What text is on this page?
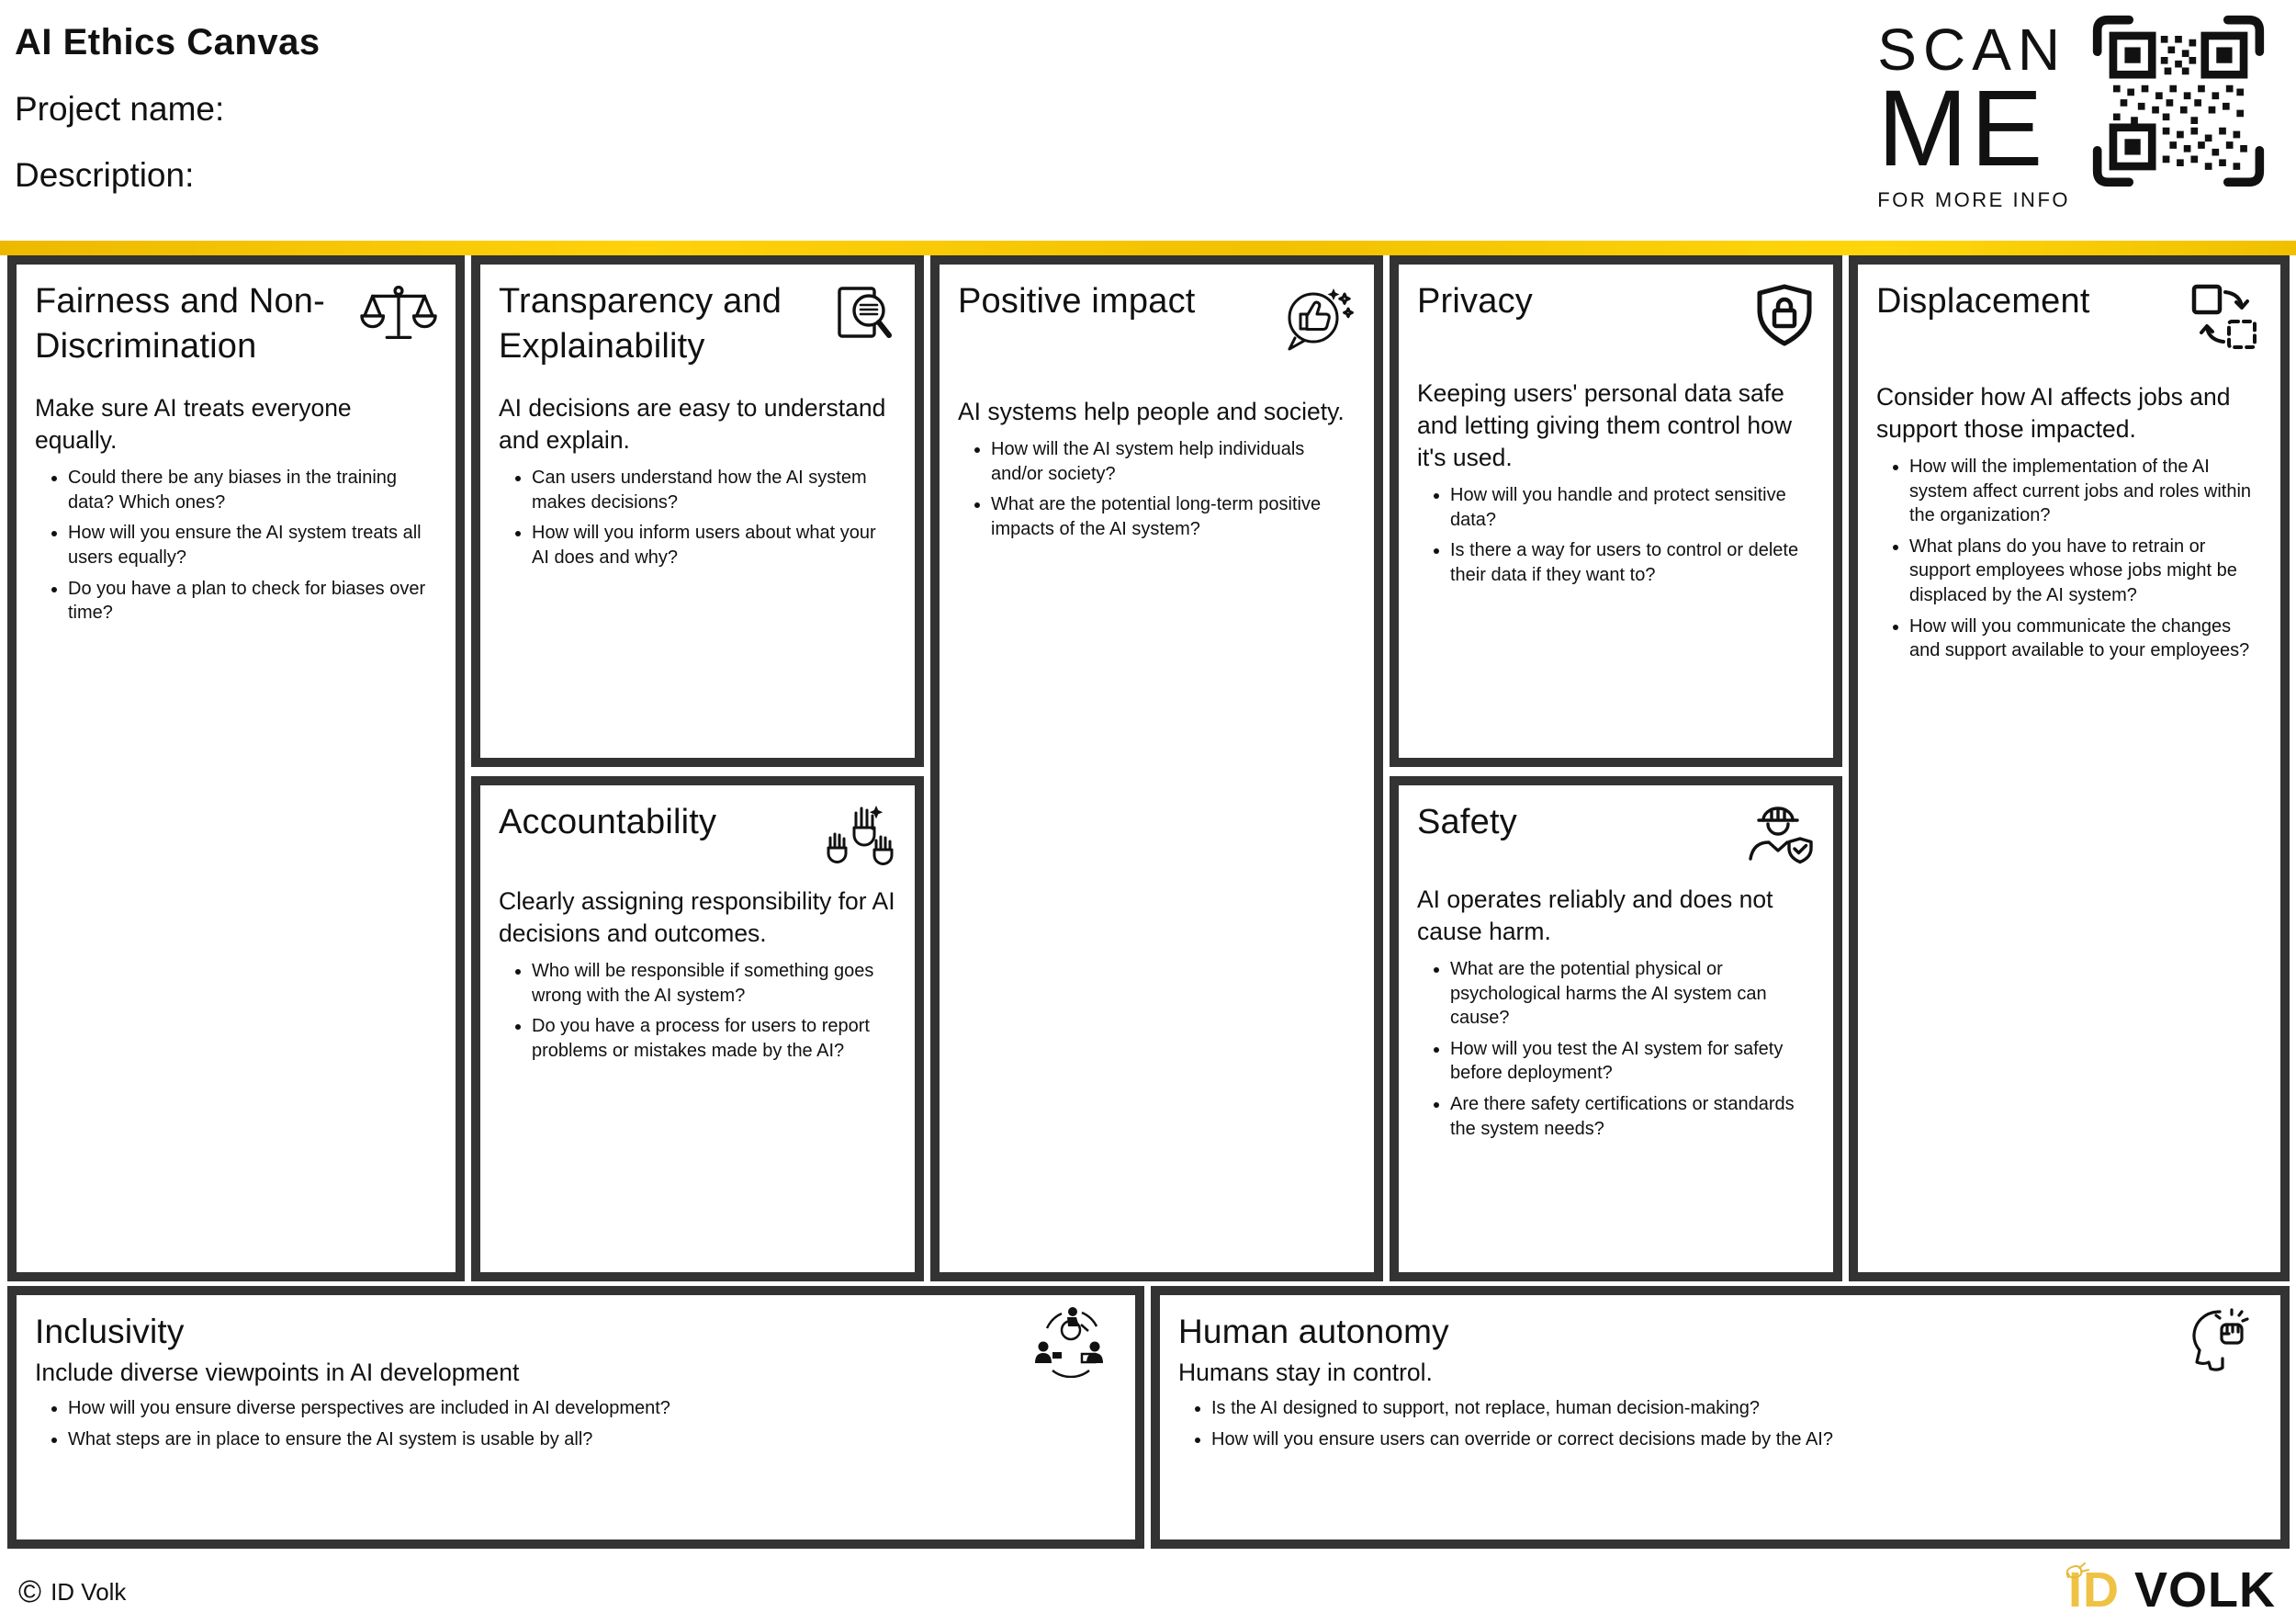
AI Ethics Canvas
Project name:
Description:
SCAN
ME
FOR MORE INFO
Fairness and Non-Discrimination

Make sure AI treats everyone equally.

• Could there be any biases in the training data? Which ones?
• How will you ensure the AI system treats all users equally?
• Do you have a plan to check for biases over time?
Transparency and Explainability

AI decisions are easy to understand and explain.

• Can users understand how the AI system makes decisions?
• How will you inform users about what your AI does and why?
Accountability

Clearly assigning responsibility for AI decisions and outcomes.

• Who will be responsible if something goes wrong with the AI system?
• Do you have a process for users to report problems or mistakes made by the AI?
Positive impact

AI systems help people and society.

• How will the AI system help individuals and/or society?
• What are the potential long-term positive impacts of the AI system?
Privacy

Keeping users' personal data safe and letting giving them control how it's used.

• How will you handle and protect sensitive data?
• Is there a way for users to control or delete their data if they want to?
Safety

AI operates reliably and does not cause harm.

• What are the potential physical or psychological harms the AI system can cause?
• How will you test the AI system for safety before deployment?
• Are there safety certifications or standards the system needs?
Displacement

Consider how AI affects jobs and support those impacted.

• How will the implementation of the AI system affect current jobs and roles within the organization?
• What plans do you have to retrain or support employees whose jobs might be displaced by the AI system?
• How will you communicate the changes and support available to your employees?
Inclusivity

Include diverse viewpoints in AI development

• How will you ensure diverse perspectives are included in AI development?
• What steps are in place to ensure the AI system is usable by all?
Human autonomy

Humans stay in control.

• Is the AI designed to support, not replace, human decision-making?
• How will you ensure users can override or correct decisions made by the AI?
© ID Volk	ID VOLK
